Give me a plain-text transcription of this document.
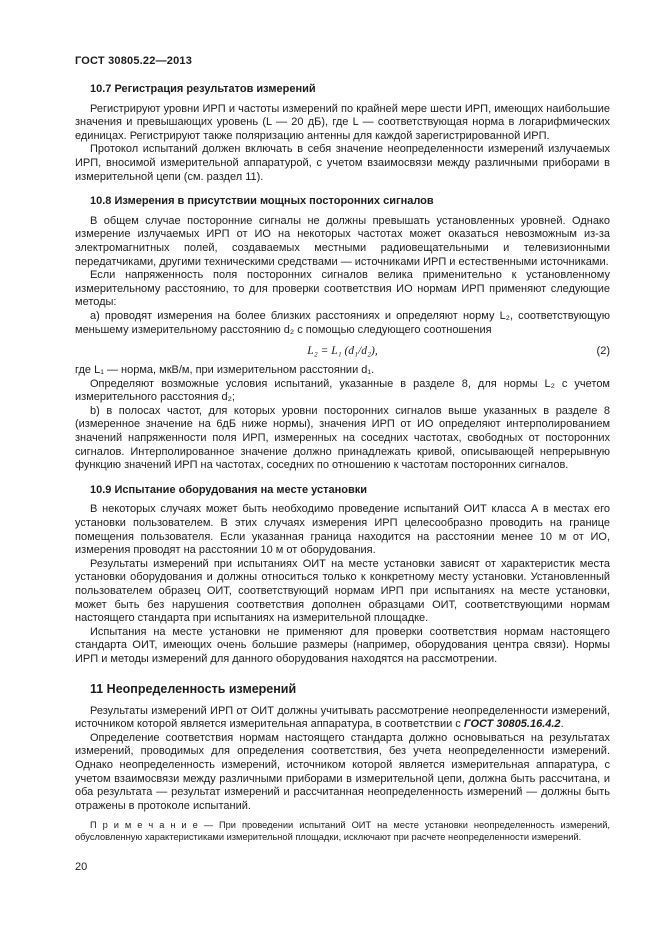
ГОСТ 30805.22—2013
10.7 Регистрация результатов измерений

Регистрируют уровни ИРП и частоты измерений по крайней мере шести ИРП, имеющих наибольшие значения и превышающих уровень (L — 20 дБ), где L — соответствующая норма в логарифмических единицах. Регистрируют также поляризацию антенны для каждой зарегистрированной ИРП.

Протокол испытаний должен включать в себя значение неопределенности измерений излучаемых ИРП, вносимой измерительной аппаратурой, с учетом взаимосвязи между различными приборами в измерительной цепи (см. раздел 11).

10.8 Измерения в присутствии мощных посторонних сигналов

В общем случае посторонние сигналы не должны превышать установленных уровней. Однако измерение излучаемых ИРП от ИО на некоторых частотах может оказаться невозможным из-за электромагнитных полей, создаваемых местными радиовещательными и телевизионными передатчиками, другими техническими средствами — источниками ИРП и естественными источниками.

Если напряженность поля посторонних сигналов велика применительно к установленному измерительному расстоянию, то для проверки соответствия ИО нормам ИРП применяют следующие методы:

a) проводят измерения на более близких расстояниях и определяют норму L₂, соответствующую меньшему измерительному расстоянию d₂ с помощью следующего соотношения

L₂ = L₁ (d₁/d₂),	(2)

где L₁ — норма, мкВ/м, при измерительном расстоянии d₁.

Определяют возможные условия испытаний, указанные в разделе 8, для нормы L₂ с учетом измерительного расстояния d₂;

b) в полосах частот, для которых уровни посторонних сигналов выше указанных в разделе 8 (измеренное значение на 6дБ ниже нормы), значения ИРП от ИО определяют интерполированием значений напряженности поля ИРП, измеренных на соседних частотах, свободных от посторонних сигналов. Интерполированное значение должно принадлежать кривой, описывающей непрерывную функцию значений ИРП на частотах, соседних по отношению к частотам посторонних сигналов.

10.9 Испытание оборудования на месте установки

В некоторых случаях может быть необходимо проведение испытаний ОИТ класса А в местах его установки пользователем. В этих случаях измерения ИРП целесообразно проводить на границе помещения пользователя. Если указанная граница находится на расстоянии менее 10 м от ИО, измерения проводят на расстоянии 10 м от оборудования.

Результаты измерений при испытаниях ОИТ на месте установки зависят от характеристик места установки оборудования и должны относиться только к конкретному месту установки. Установленный пользователем образец ОИТ, соответствующий нормам ИРП при испытаниях на месте установки, может быть без нарушения соответствия дополнен образцами ОИТ, соответствующими нормам настоящего стандарта при испытаниях на измерительной площадке.

Испытания на месте установки не применяют для проверки соответствия нормам настоящего стандарта ОИТ, имеющих очень большие размеры (например, оборудования центра связи). Нормы ИРП и методы измерений для данного оборудования находятся на рассмотрении.

11 Неопределенность измерений

Результаты измерений ИРП от ОИТ должны учитывать рассмотрение неопределенности измерений, источником которой является измерительная аппаратура, в соответствии с ГОСТ 30805.16.4.2.

Определение соответствия нормам настоящего стандарта должно основываться на результатах измерений, проводимых для определения соответствия, без учета неопределенности измерений. Однако неопределенность измерений, источником которой является измерительная аппаратура, с учетом взаимосвязи между различными приборами в измерительной цепи, должна быть рассчитана, и оба результата — результат измерений и рассчитанная неопределенность измерений — должны быть отражены в протоколе испытаний.

П р и м е ч а н и е — При проведении испытаний ОИТ на месте установки неопределенность измерений, обусловленную характеристиками измерительной площадки, исключают при расчете неопределенности измерений.

20
